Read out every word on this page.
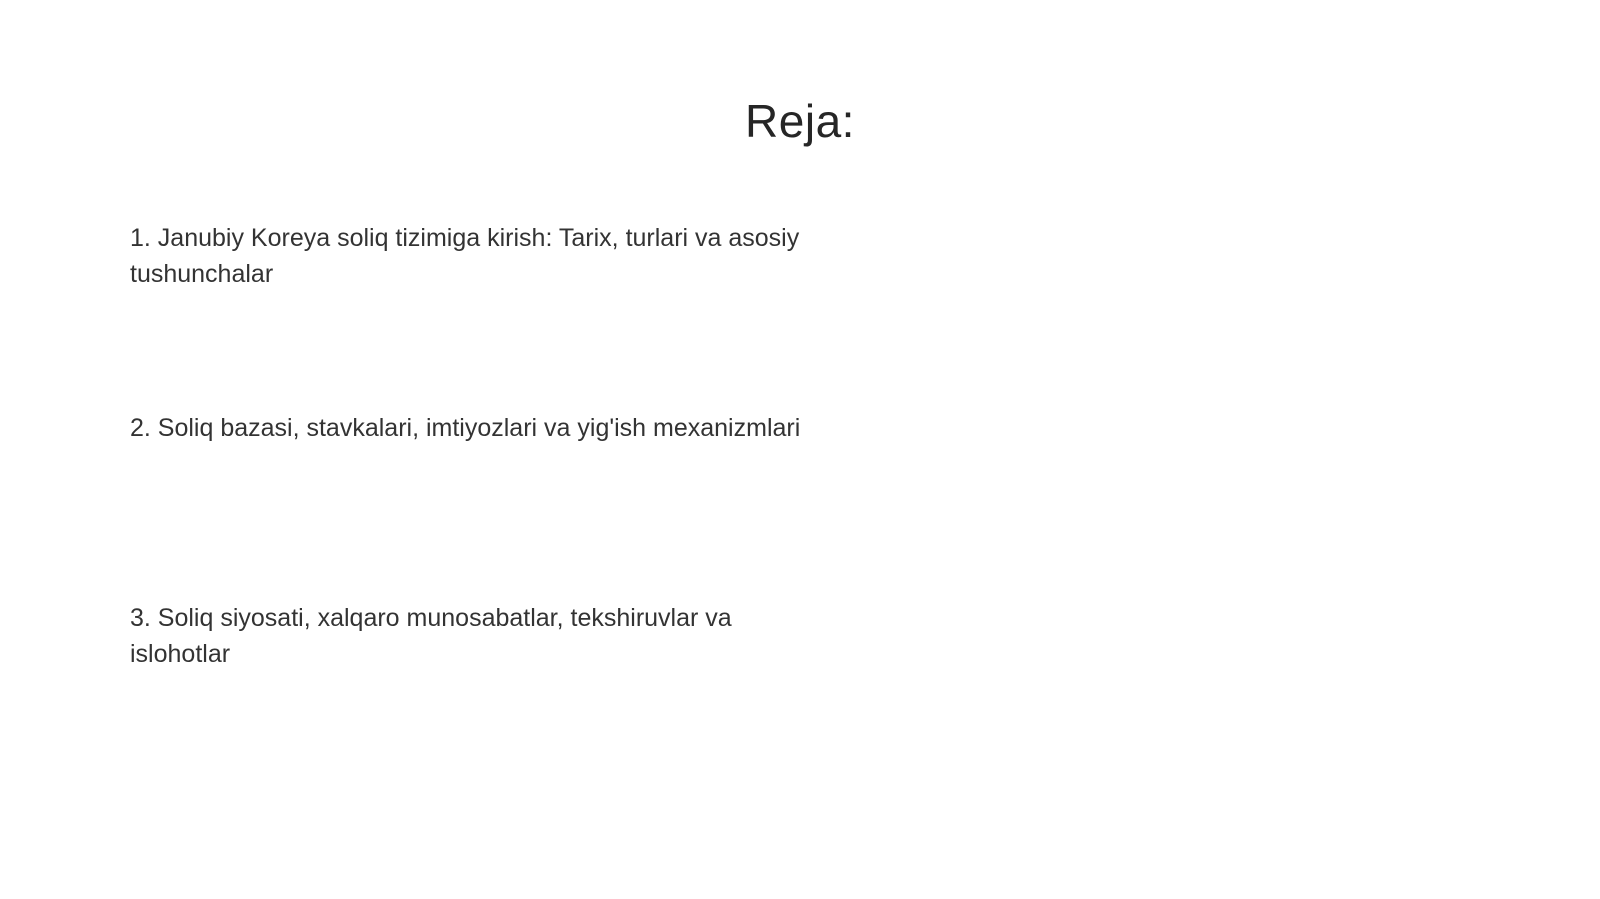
Reja:
1. Janubiy Koreya soliq tizimiga kirish: Tarix, turlari va asosiy tushunchalar
2. Soliq bazasi, stavkalari, imtiyozlari va yig'ish mexanizmlari
3. Soliq siyosati, xalqaro munosabatlar, tekshiruvlar va islohotlar
